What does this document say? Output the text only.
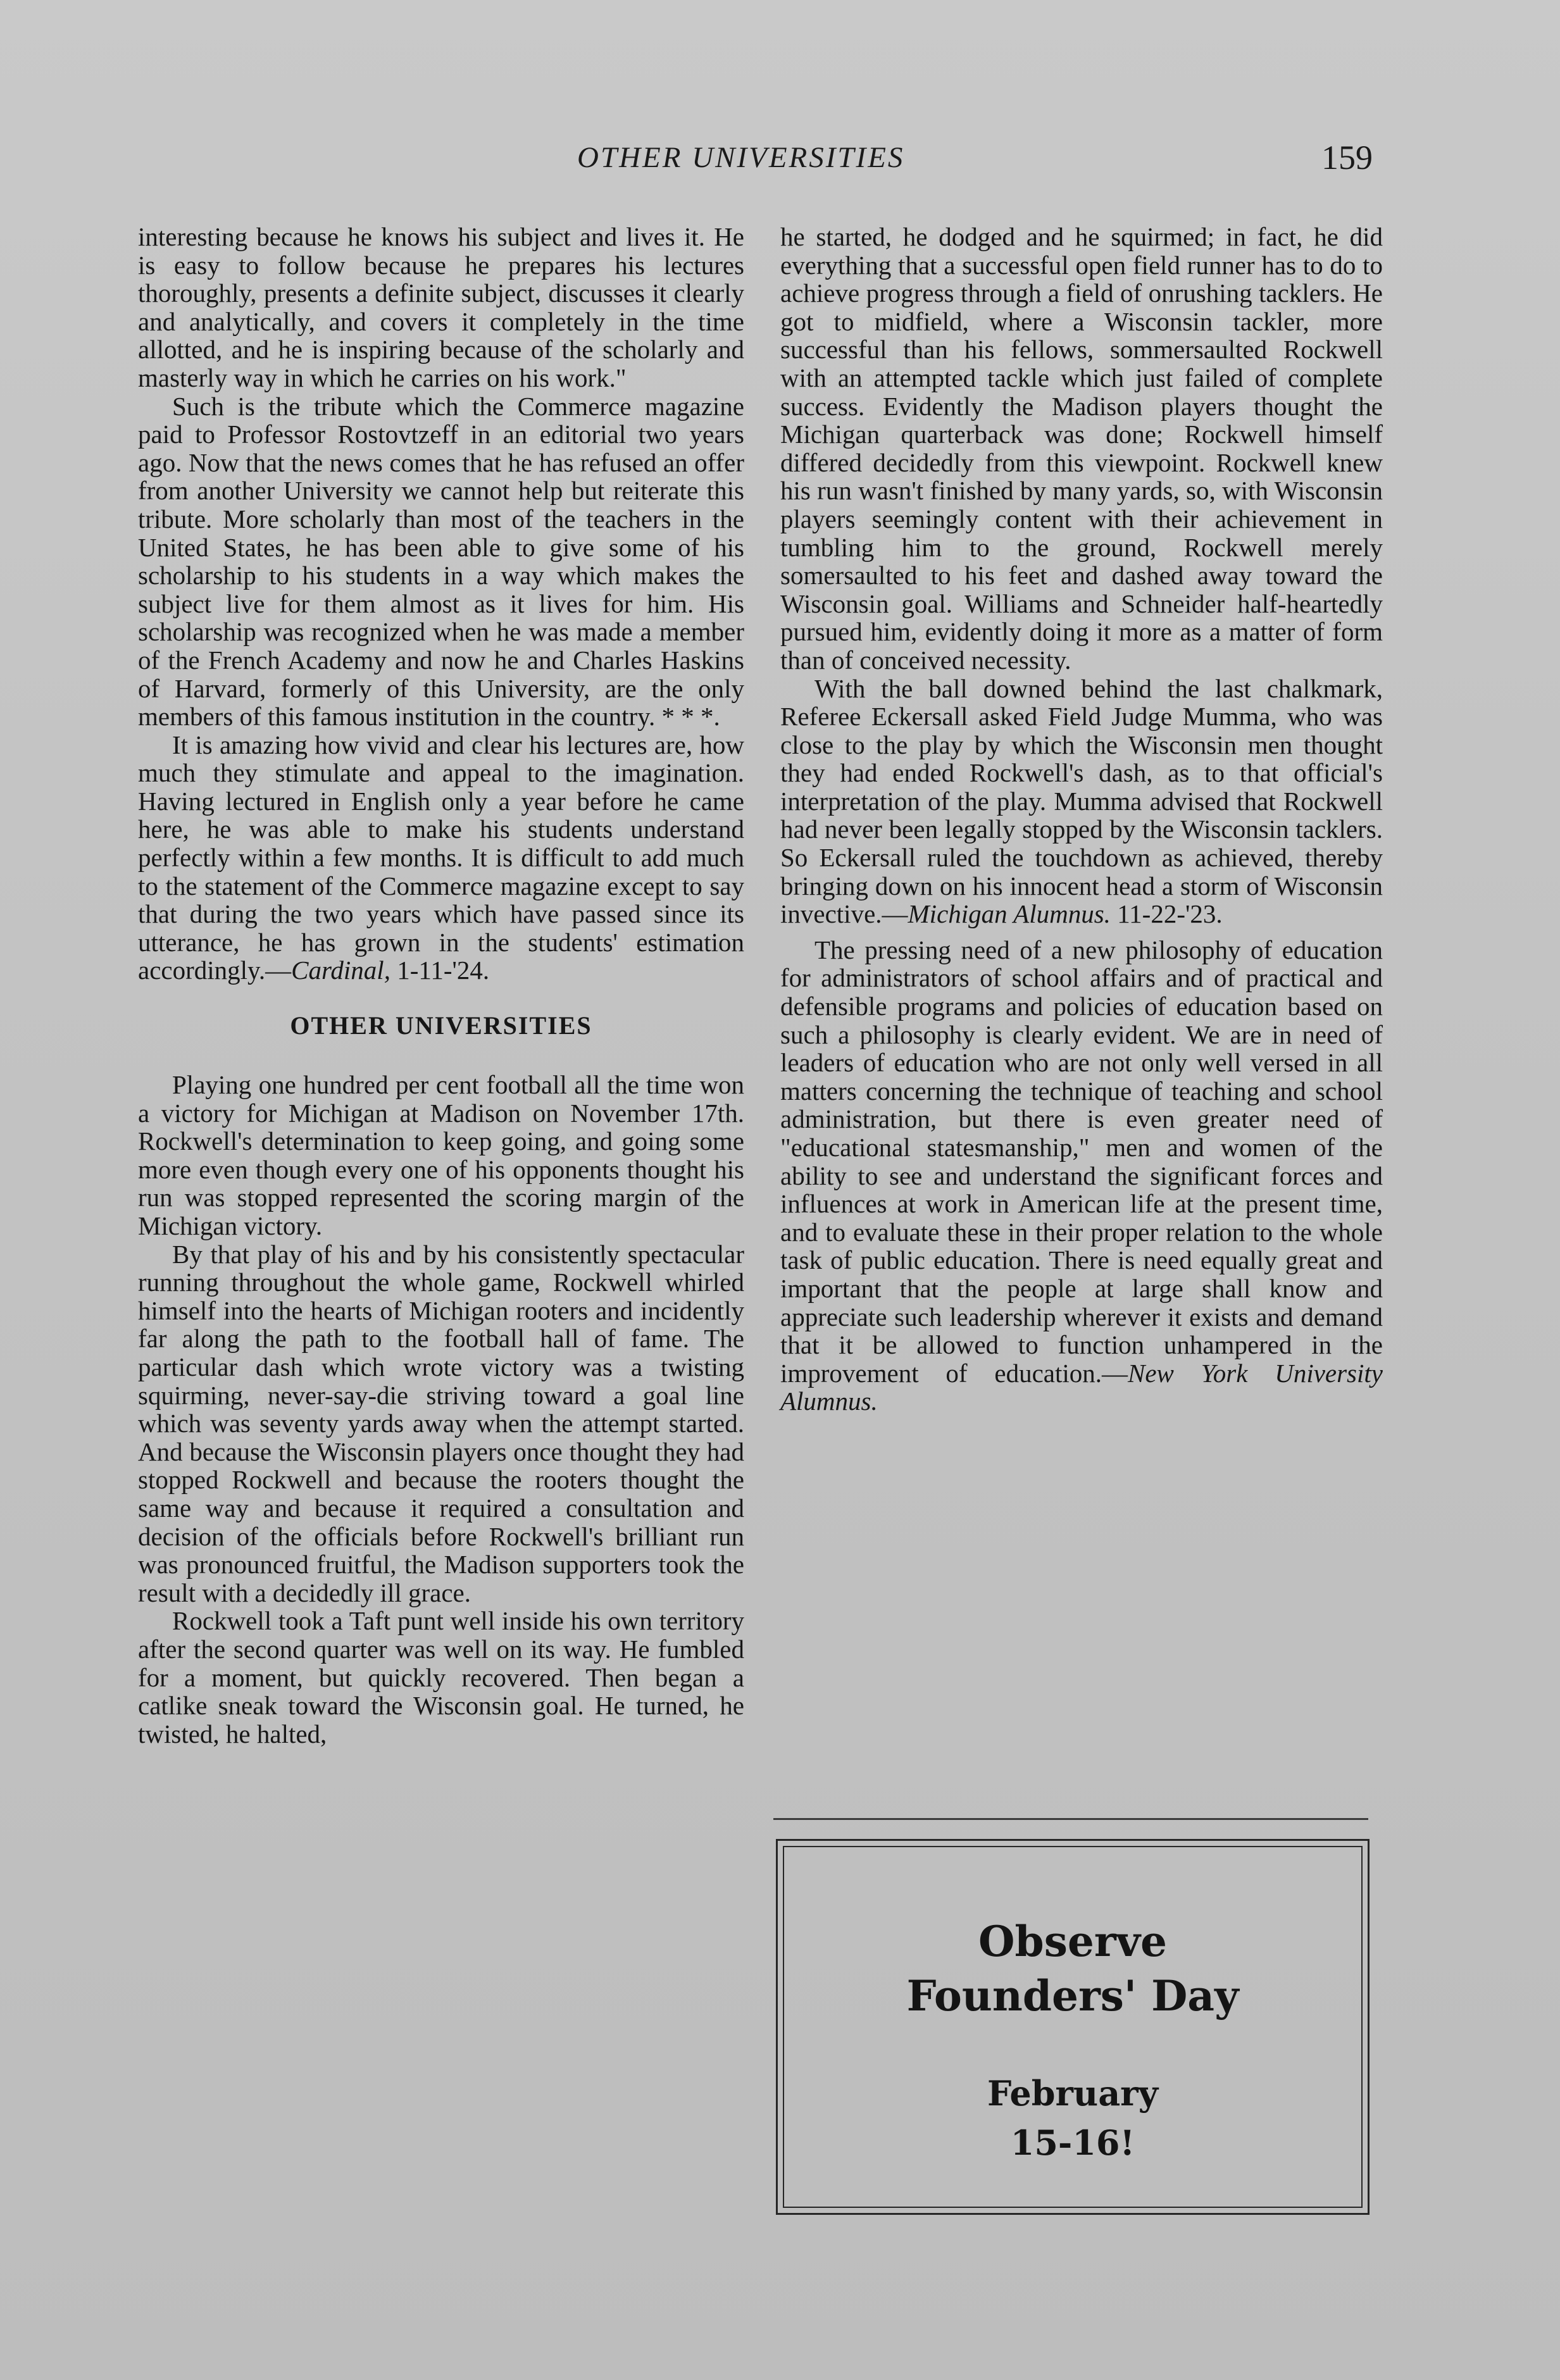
OTHER UNIVERSITIES	159

interesting because he knows his subject and lives it. He is easy to follow because he prepares his lectures thoroughly, presents a definite subject, discusses it clearly and analytically, and covers it completely in the time allotted, and he is inspiring because of the scholarly and masterly way in which he carries on his work."

Such is the tribute which the Commerce magazine paid to Professor Rostovtzeff in an editorial two years ago. Now that the news comes that he has refused an offer from another University we cannot help but reiterate this tribute. More scholarly than most of the teachers in the United States, he has been able to give some of his scholarship to his students in a way which makes the subject live for them almost as it lives for him. His scholarship was recognized when he was made a member of the French Academy and now he and Charles Haskins of Harvard, formerly of this University, are the only members of this famous institution in the country. * * *.

It is amazing how vivid and clear his lectures are, how much they stimulate and appeal to the imagination. Having lectured in English only a year before he came here, he was able to make his students understand perfectly within a few months. It is difficult to add much to the statement of the Commerce magazine except to say that during the two years which have passed since its utterance, he has grown in the students' estimation accordingly.—Cardinal, 1-11-'24.

OTHER UNIVERSITIES

Playing one hundred per cent football all the time won a victory for Michigan at Madison on November 17th. Rockwell's determination to keep going, and going some more even though every one of his opponents thought his run was stopped represented the scoring margin of the Michigan victory.

By that play of his and by his consistently spectacular running throughout the whole game, Rockwell whirled himself into the hearts of Michigan rooters and incidently far along the path to the football hall of fame. The particular dash which wrote victory was a twisting squirming, never-say-die striving toward a goal line which was seventy yards away when the attempt started. And because the Wisconsin players once thought they had stopped Rockwell and because the rooters thought the same way and because it required a consultation and decision of the officials before Rockwell's brilliant run was pronounced fruitful, the Madison supporters took the result with a decidedly ill grace.

Rockwell took a Taft punt well inside his own territory after the second quarter was well on its way. He fumbled for a moment, but quickly recovered. Then began a catlike sneak toward the Wisconsin goal. He turned, he twisted, he halted,

he started, he dodged and he squirmed; in fact, he did everything that a successful open field runner has to do to achieve progress through a field of onrushing tacklers. He got to midfield, where a Wisconsin tackler, more successful than his fellows, sommersaulted Rockwell with an attempted tackle which just failed of complete success. Evidently the Madison players thought the Michigan quarterback was done; Rockwell himself differed decidedly from this viewpoint. Rockwell knew his run wasn't finished by many yards, so, with Wisconsin players seemingly content with their achievement in tumbling him to the ground, Rockwell merely somersaulted to his feet and dashed away toward the Wisconsin goal. Williams and Schneider half-heartedly pursued him, evidently doing it more as a matter of form than of conceived necessity.

With the ball downed behind the last chalkmark, Referee Eckersall asked Field Judge Mumma, who was close to the play by which the Wisconsin men thought they had ended Rockwell's dash, as to that official's interpretation of the play. Mumma advised that Rockwell had never been legally stopped by the Wisconsin tacklers. So Eckersall ruled the touchdown as achieved, thereby bringing down on his innocent head a storm of Wisconsin invective.—Michigan Alumnus. 11-22-'23.

The pressing need of a new philosophy of education for administrators of school affairs and of practical and defensible programs and policies of education based on such a philosophy is clearly evident. We are in need of leaders of education who are not only well versed in all matters concerning the technique of teaching and school administration, but there is even greater need of "educational statesmanship," men and women of the ability to see and understand the significant forces and influences at work in American life at the present time, and to evaluate these in their proper relation to the whole task of public education. There is need equally great and important that the people at large shall know and appreciate such leadership wherever it exists and demand that it be allowed to function unhampered in the improvement of education.—New York University Alumnus.

Observe
Founders' Day
February
15-16!
